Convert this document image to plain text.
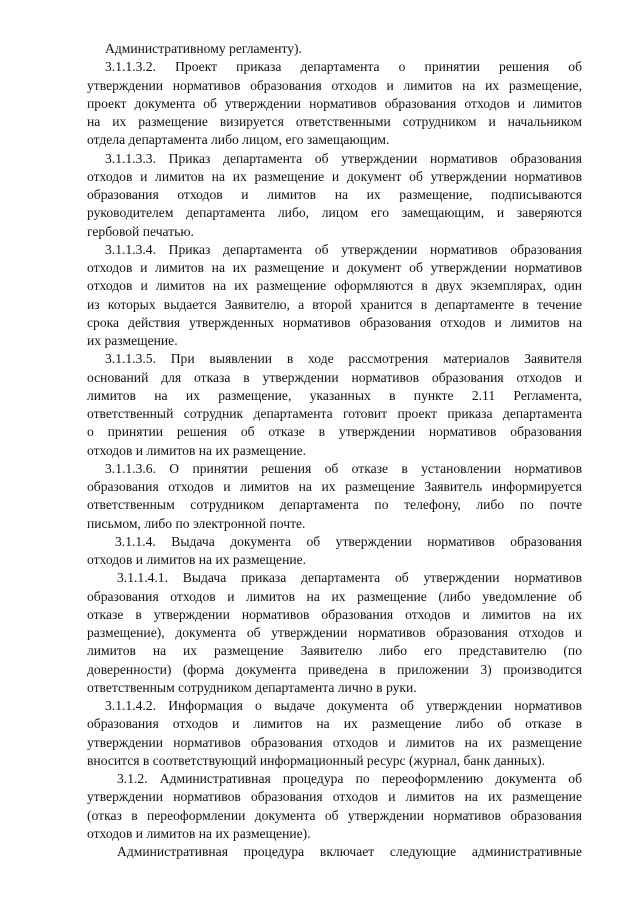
Административному регламенту).
3.1.1.3.2. Проект приказа департамента о принятии решения об
утверждении нормативов образования отходов и лимитов на их размещение,
проект документа об утверждении нормативов образования отходов и лимитов
на их размещение визируется ответственными сотрудником и начальником
отдела департамента либо лицом, его замещающим.
3.1.1.3.3. Приказ департамента об утверждении нормативов образования
отходов и лимитов на их размещение и документ об утверждении нормативов
образования отходов и лимитов на их размещение, подписываются
руководителем департамента либо, лицом его замещающим, и заверяются
гербовой печатью.
3.1.1.3.4. Приказ департамента об утверждении нормативов образования
отходов и лимитов на их размещение и документ об утверждении нормативов
отходов и лимитов на их размещение оформляются в двух экземплярах, один
из которых выдается Заявителю, а второй хранится в департаменте в течение
срока действия утвержденных нормативов образования отходов и лимитов на
их размещение.
3.1.1.3.5. При выявлении в ходе рассмотрения материалов Заявителя
оснований для отказа в утверждении нормативов образования отходов и
лимитов на их размещение, указанных в пункте 2.11 Регламента,
ответственный сотрудник департамента готовит проект приказа департамента
о принятии решения об отказе в утверждении нормативов образования
отходов и лимитов на их размещение.
3.1.1.3.6. О принятии решения об отказе в установлении нормативов
образования отходов и лимитов на их размещение Заявитель информируется
ответственным сотрудником департамента по телефону, либо по почте
письмом, либо по электронной почте.
3.1.1.4. Выдача документа об утверждении нормативов образования
отходов и лимитов на их размещение.
3.1.1.4.1. Выдача приказа департамента об утверждении нормативов
образования отходов и лимитов на их размещение (либо уведомление об
отказе в утверждении нормативов образования отходов и лимитов на их
размещение), документа об утверждении нормативов образования отходов и
лимитов на их размещение Заявителю либо его представителю (по
доверенности) (форма документа приведена в приложении 3) производится
ответственным сотрудником департамента лично в руки.
3.1.1.4.2. Информация о выдаче документа об утверждении нормативов
образования отходов и лимитов на их размещение либо об отказе в
утверждении нормативов образования отходов и лимитов на их размещение
вносится в соответствующий информационный ресурс (журнал, банк данных).
3.1.2. Административная процедура по переоформлению документа об
утверждении нормативов образования отходов и лимитов на их размещение
(отказ в переоформлении документа об утверждении нормативов образования
отходов и лимитов на их размещение).
Административная процедура включает следующие административные
